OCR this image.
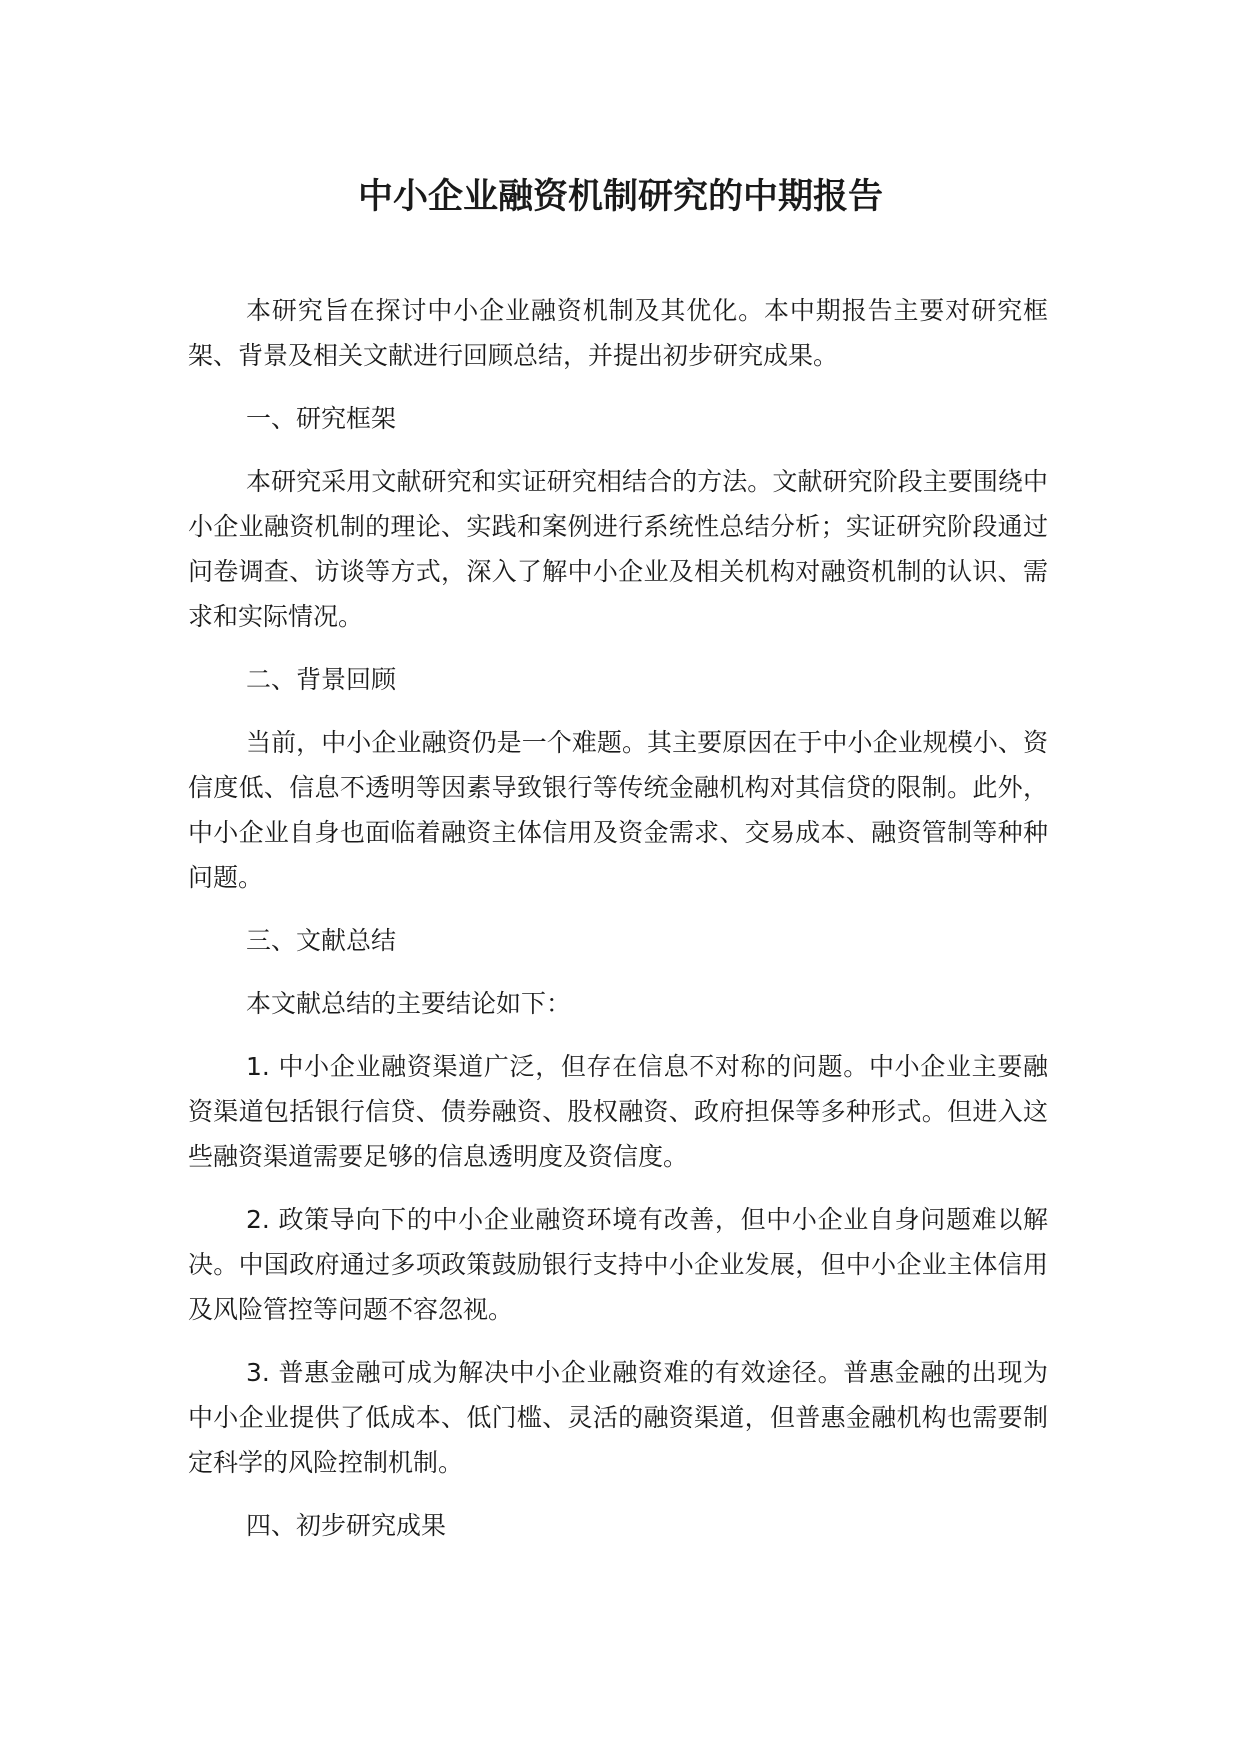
中小企业融资机制研究的中期报告

本研究旨在探讨中小企业融资机制及其优化。本中期报告主要对研究框架、背景及相关文献进行回顾总结，并提出初步研究成果。

一、研究框架

本研究采用文献研究和实证研究相结合的方法。文献研究阶段主要围绕中小企业融资机制的理论、实践和案例进行系统性总结分析；实证研究阶段通过问卷调查、访谈等方式，深入了解中小企业及相关机构对融资机制的认识、需求和实际情况。

二、背景回顾

当前，中小企业融资仍是一个难题。其主要原因在于中小企业规模小、资信度低、信息不透明等因素导致银行等传统金融机构对其信贷的限制。此外，中小企业自身也面临着融资主体信用及资金需求、交易成本、融资管制等种种问题。

三、文献总结

本文献总结的主要结论如下：

1. 中小企业融资渠道广泛，但存在信息不对称的问题。中小企业主要融资渠道包括银行信贷、债券融资、股权融资、政府担保等多种形式。但进入这些融资渠道需要足够的信息透明度及资信度。

2. 政策导向下的中小企业融资环境有改善，但中小企业自身问题难以解决。中国政府通过多项政策鼓励银行支持中小企业发展，但中小企业主体信用及风险管控等问题不容忽视。

3. 普惠金融可成为解决中小企业融资难的有效途径。普惠金融的出现为中小企业提供了低成本、低门槛、灵活的融资渠道，但普惠金融机构也需要制定科学的风险控制机制。

四、初步研究成果
